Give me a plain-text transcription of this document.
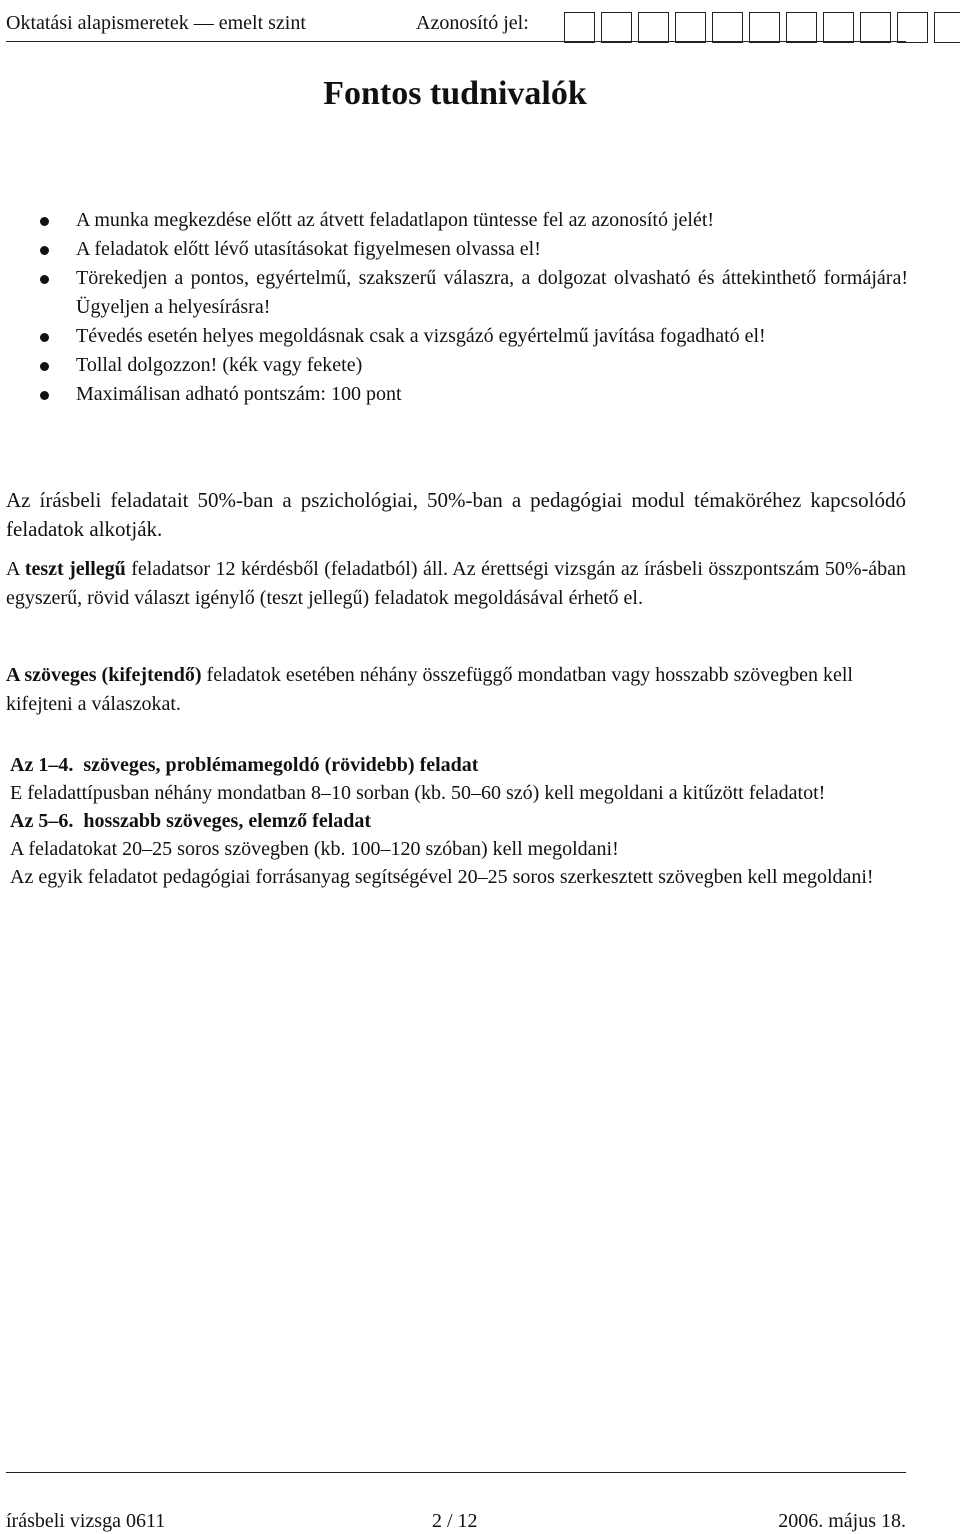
Oktatási alapismeretek — emelt szint	Azonosító jel:
Fontos tudnivalók
A munka megkezdése előtt az átvett feladatlapon tüntesse fel az azonosító jelét!
A feladatok előtt lévő utasításokat figyelmesen olvassa el!
Törekedjen a pontos, egyértelmű, szakszerű válaszra, a dolgozat olvasható és áttekinthető formájára! Ügyeljen a helyesírásra!
Tévedés esetén helyes megoldásnak csak a vizsgázó egyértelmű javítása fogadható el!
Tollal dolgozzon! (kék vagy fekete)
Maximálisan adható pontszám: 100 pont

Az írásbeli feladatait 50%-ban a pszichológiai, 50%-ban a pedagógiai modul témaköréhez kapcsolódó feladatok alkotják.

A teszt jellegű feladatsor 12 kérdésből (feladatból) áll. Az érettségi vizsgán az írásbeli összpontszám 50%-ában egyszerű, rövid választ igénylő (teszt jellegű) feladatok megoldásával érhető el.

A szöveges (kifejtendő) feladatok esetében néhány összefüggő mondatban vagy hosszabb szövegben kell kifejteni a válaszokat.

Az 1–4.  szöveges, problémamegoldó (rövidebb) feladat
E feladattípusban néhány mondatban 8–10 sorban (kb. 50–60 szó) kell megoldani a kitűzött feladatot!
Az 5–6.  hosszabb szöveges, elemző feladat
A feladatokat 20–25 soros szövegben (kb. 100–120 szóban) kell megoldani!
Az egyik feladatot pedagógiai forrásanyag segítségével 20–25 soros szerkesztett szövegben kell megoldani!
írásbeli vizsga 0611	2 / 12	2006. május 18.
